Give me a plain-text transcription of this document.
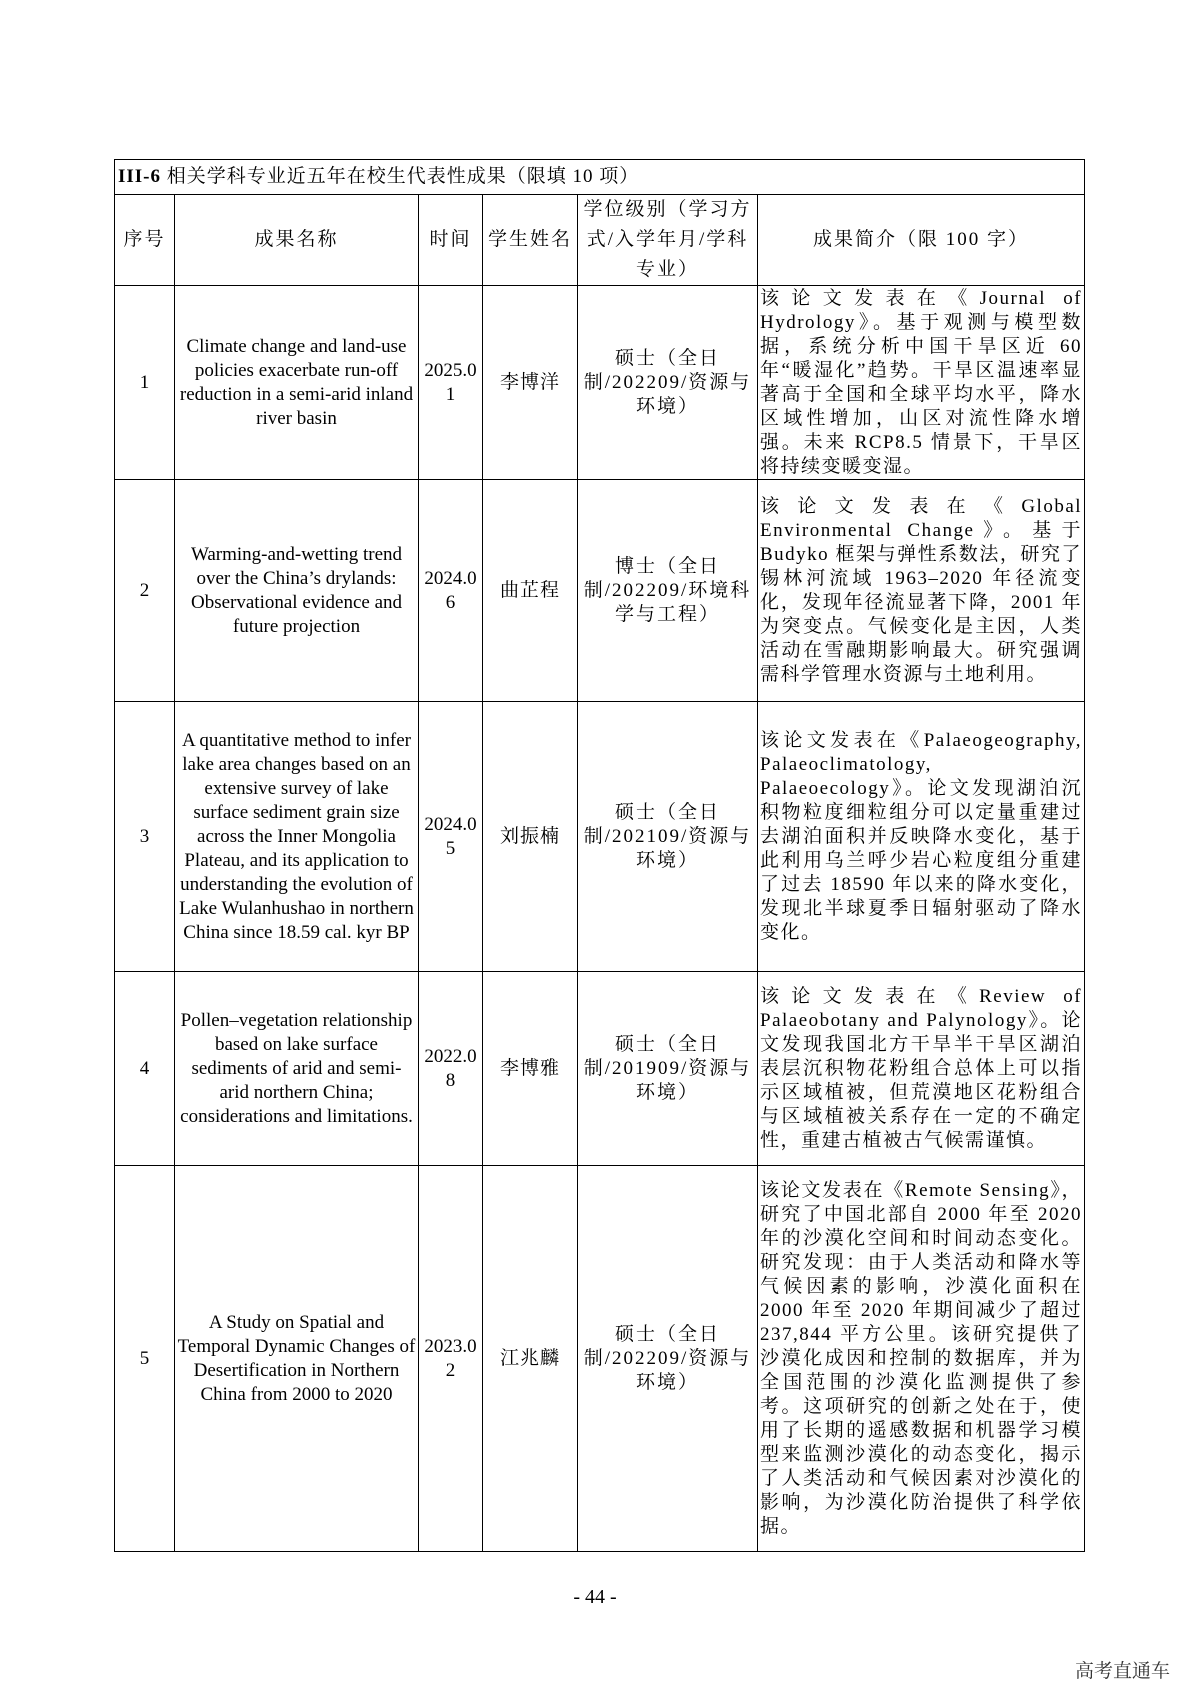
III-6 相关学科专业近五年在校生代表性成果（限填 10 项）					
序号	成果名称	时间	学生姓名	学位级别（学习方式/入学年月/学科专业）	成果简介（限 100 字）
1	Climate change and land-use policies exacerbate run-off reduction in a semi-arid inland river basin	2025.01	李博洋	硕士（全日制/202209/资源与环境）	该论文发表在《Journal of Hydrology》。基于观测与模型数据，系统分析中国干旱区近 60 年“暖湿化”趋势。干旱区温速率显著高于全国和全球平均水平，降水区域性增加，山区对流性降水增强。未来 RCP8.5 情景下，干旱区将持续变暖变湿。
2	Warming-and-wetting trend over the China’s drylands: Observational evidence and future projection	2024.06	曲芷程	博士（全日制/202209/环境科学与工程）	该论文发表在《Global Environmental Change》。基于 Budyko 框架与弹性系数法，研究了锡林河流域 1963–2020 年径流变化，发现年径流显著下降，2001 年为突变点。气候变化是主因，人类活动在雪融期影响最大。研究强调需科学管理水资源与土地利用。
3	A quantitative method to infer lake area changes based on an extensive survey of lake surface sediment grain size across the Inner Mongolia Plateau, and its application to understanding the evolution of Lake Wulanhushao in northern China since 18.59 cal. kyr BP	2024.05	刘振楠	硕士（全日制/202109/资源与环境）	该论文发表在《Palaeogeography, Palaeoclimatology, Palaeoecology》。论文发现湖泊沉积物粒度细粒组分可以定量重建过去湖泊面积并反映降水变化，基于此利用乌兰呼少岩心粒度组分重建了过去 18590 年以来的降水变化，发现北半球夏季日辐射驱动了降水变化。
4	Pollen–vegetation relationship based on lake surface sediments of arid and semi-arid northern China; considerations and limitations.	2022.08	李博雅	硕士（全日制/201909/资源与环境）	该论文发表在《Review of Palaeobotany and Palynology》。论文发现我国北方干旱半干旱区湖泊表层沉积物花粉组合总体上可以指示区域植被，但荒漠地区花粉组合与区域植被关系存在一定的不确定性，重建古植被古气候需谨慎。
5	A Study on Spatial and Temporal Dynamic Changes of Desertification in Northern China from 2000 to 2020	2023.02	江兆麟	硕士（全日制/202209/资源与环境）	该论文发表在《Remote Sensing》，研究了中国北部自 2000 年至 2020 年的沙漠化空间和时间动态变化。研究发现：由于人类活动和降水等气候因素的影响，沙漠化面积在 2000 年至 2020 年期间减少了超过 237,844 平方公里。该研究提供了沙漠化成因和控制的数据库，并为全国范围的沙漠化监测提供了参考。这项研究的创新之处在于，使用了长期的遥感数据和机器学习模型来监测沙漠化的动态变化，揭示了人类活动和气候因素对沙漠化的影响，为沙漠化防治提供了科学依据。
- 44 -
高考直通车
